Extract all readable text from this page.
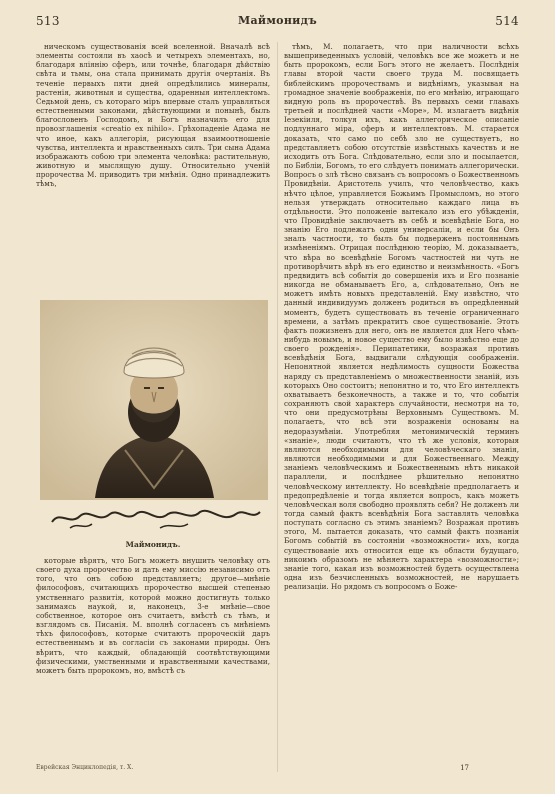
513	Маймонидъ	514

ническомъ существованія всей вселенной. Вначалѣ всѣ элементы состояли въ хаосѣ и четырехъ элементахъ, но, благодаря вліянію сферъ, или точнѣе, благодаря дѣйствію свѣта и тьмы, она стала принимать другія очертанія. Въ теченіе первыхъ пяти дней опредѣлились минералы, растенія, животныя и существа, одаренныя интеллектомъ. Седьмой день, съ котораго міръ впервые сталъ управляться естественными законами, дѣйствующими и понынѣ, былъ благословенъ Господомъ, и Богъ назначилъ его для провозглашенія «creatio ex nihilo». Грѣхопаденіе Адама не что иное, какъ аллегорія, рисующая взаимоотношеніе чувства, интеллекта и нравственныхъ силъ. Три сына Адама изображаютъ собою три элемента человѣка: растительную, животную и мыслящую душу. Относительно ученій пророчества М. приводитъ три мнѣнія. Одно принадлежитъ тѣмъ,

тѣмъ, М. полагаетъ, что при наличности всѣхъ вышеприведенныхъ условій, человѣкъ все же можетъ и не быть пророкомъ, если Богъ этого не желаетъ. Послѣднія главы второй части своего труда М. посвящаетъ библейскимъ пророчествамъ и видѣніямъ, указывая на громадное значеніе воображенія, по его мнѣнію, играющаго видную роль въ пророчествѣ. Въ первыхъ семи главахъ третьей и послѣдней части «Море», М. излагаетъ видѣнія Іезекіиля, толкуя ихъ, какъ аллегорическое описаніе подлуннаго міра, сферъ и интеллектовъ. М. старается доказать, что само по себѣ зло не существуетъ, но представляетъ собою отсутствіе извѣстныхъ качествъ и не исходитъ отъ Бога. Слѣдовательно, если зло и посылается, по Библіи, Богомъ, то его слѣдуетъ понимать аллегорически. Вопросъ о злѣ тѣсно связанъ съ вопросомъ о Божественномъ Провидѣніи. Аристотель училъ, что человѣчество, какъ нѣчто цѣлое, управляется Божьимъ Промысломъ, но этого нельзя утверждать относительно каждаго лица въ отдѣльности. Это положеніе вытекало изъ его убѣжденія, что Провидѣніе заключаетъ въ себѣ и всевѣдѣніе Бога, но знанію Его подлежатъ одни универсаліи, и если бы Онъ зналъ частности, то былъ бы подверженъ постояннымъ измѣненіямъ. Отрицая послѣднюю теорію, М. доказываетъ, что вѣра во всевѣдѣніе Богомъ частностей ни чуть не противорѣчитъ вѣрѣ въ его единство и неизмѣнность. «Богъ предвидитъ всѣ событія до совершенія ихъ и Его познаніе никогда не обманываетъ Его, а, слѣдовательно, Онъ не можетъ имѣть новыхъ представленій. Ему извѣстно, что данный индивидуумъ долженъ родиться въ опредѣленный моментъ, будетъ существовать въ теченіе ограниченнаго времени, а затѣмъ прекратитъ свое существованіе. Этотъ фактъ пожизненъ для него, онъ не является для Него чѣмъ-нибудь новымъ, и новое существо ему было извѣстно еще до своего рожденія». Перипатетики, возражая противъ всевѣдѣнія Бога, выдвигали слѣдующія соображенія. Непонятной является недѣлимость сущности Божества наряду съ представленіемъ о множественности знаній, изъ которыхъ Оно состоитъ; непонятно и то, что Его интеллектъ охватываетъ безконечность, а также и то, что событія сохраняютъ свой характеръ случайности, несмотря на то, что они предусмотрѣны Верховнымъ Существомъ. М. полагаетъ, что всѣ эти возраженія основаны на недоразумѣніи. Употребляя метонимическій терминъ «знаніе», люди считаютъ, что тѣ же условія, которыя являются необходимыми для человѣческаго знанія, являются необходимыми и для Божественнаго. Между знаніемъ человѣческимъ и Божественнымъ нѣтъ никакой параллели, и послѣднее рѣшительно непонятно человѣческому интеллекту. Но всевѣдѣніе предполагаетъ и предопредѣленіе и тогда является вопросъ, какъ можетъ человѣческая воля свободно проявлять себя? Не долженъ ли тогда самый фактъ всевѣдѣнія Бога заставлять человѣка поступать согласно съ этимъ знаніемъ? Возражая противъ этого, М. пытается доказать, что самый фактъ познанія Богомъ событій въ состояніи «возможности» ихъ, когда существованіе ихъ относится еще къ области будущаго, никоимъ образомъ не мѣняетъ характера «возможности»; знаніе того, какая изъ возможностей будетъ осуществлена одна изъ безчисленныхъ возможностей, не нарушаетъ реализаціи. Но рядомъ съ вопросомъ о Боже-

Маймонидъ.

которые вѣрятъ, что Богъ можетъ внушить человѣку отъ своего духа пророчество и дать ему миссію независимо отъ того, что онъ собою представляетъ; другое—мнѣніе философовъ, считающихъ пророчество высшей степенью умственнаго развитія, которой можно достигнуть только занимаясь наукой, и, наконецъ, 3-е мнѣніе—свое собственное, которое онъ считаетъ, вмѣстѣ съ тѣмъ, и взглядомъ св. Писанія. М. вполнѣ согласенъ съ мнѣніемъ тѣхъ философовъ, которые считаютъ пророческій даръ естественнымъ и въ согласіи съ законами природы. Онъ вѣритъ, что каждый, обладающій соотвѣтствующими физическими, умственными и нравственными качествами, можетъ быть пророкомъ, но, вмѣстѣ съ

Еврейская Энциклопедія, т. X.	17
